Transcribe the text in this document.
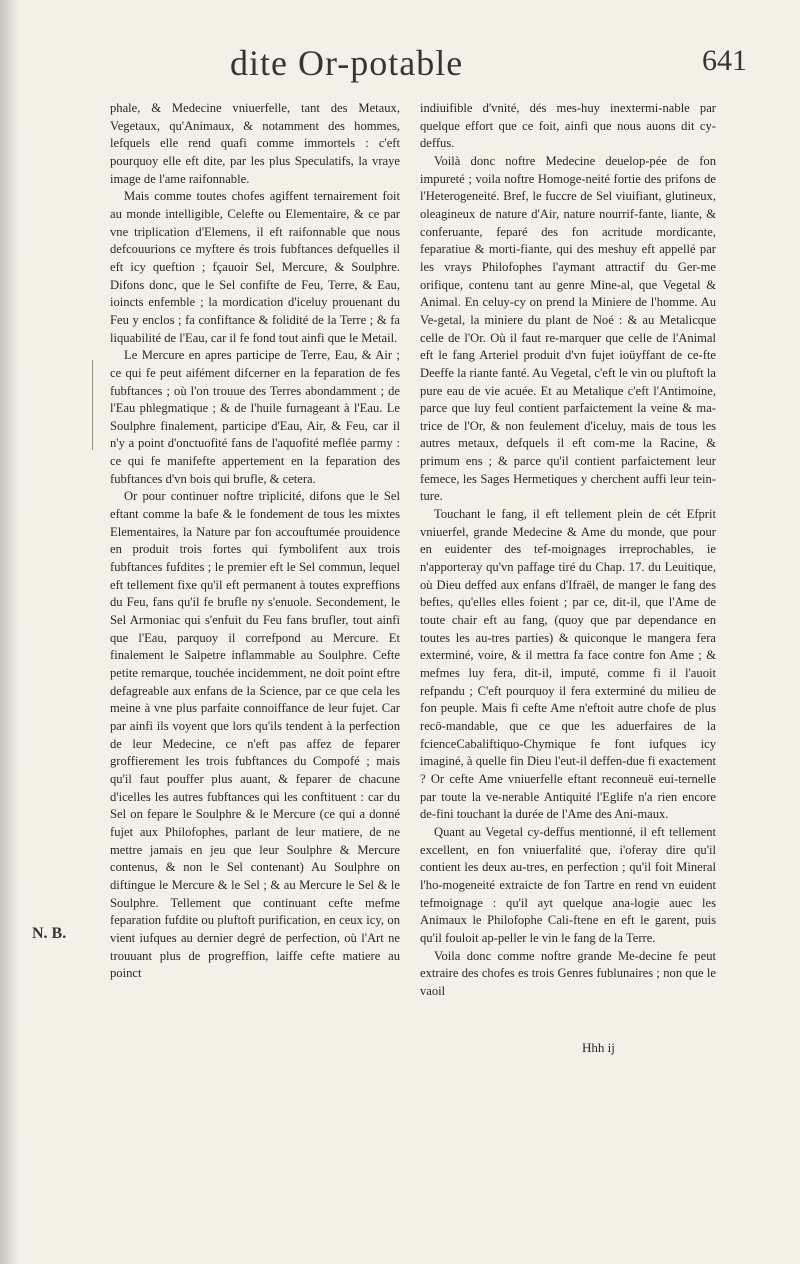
dite Or-potable	641
N. B.

phale, & Medecine vniuerfelle, tant des Metaux, Vegetaux, qu'Animaux, & notamment des hommes, lefquels elle rend quafi comme immortels : c'eft pourquoy elle eft dite, par les plus Speculatifs, la vraye image de l'ame raifonnable.

Mais comme toutes chofes agiffent ternairement foit au monde intelligible, Celefte ou Elementaire, & ce par vne triplication d'Elemens, il eft raifonnable que nous defcouurions ce myftere és trois fubftances defquelles il eft icy queftion ; fçauoir Sel, Mercure, & Soulphre. Difons donc, que le Sel confifte de Feu, Terre, & Eau, ioincts enfemble ; la mordication d'iceluy prouenant du Feu y enclos ; fa confiftance & folidité de la Terre ; & fa liquabilité de l'Eau, car il fe fond tout ainfi que le Metail.

Le Mercure en apres participe de Terre, Eau, & Air ; ce qui fe peut aifément difcerner en la feparation de fes fubftances ; où l'on trouue des Terres abondamment ; de l'Eau phlegmatique ; & de l'huile furnageant à l'Eau. Le Soulphre finalement, participe d'Eau, Air, & Feu, car il n'y a point d'onctuofité fans de l'aquofité meflée parmy : ce qui fe manifefte appertement en la feparation des fubftances d'vn bois qui brufle, & cetera.

Or pour continuer noftre triplicité, difons que le Sel eftant comme la bafe & le fondement de tous les mixtes Elementaires, la Nature par fon accouftumée prouidence en produit trois fortes qui fymbolifent aux trois fubftances fufdites ; le premier eft le Sel commun, lequel eft tellement fixe qu'il eft permanent à toutes expreffions du Feu, fans qu'il fe brufle ny s'enuole. Secondement, le Sel Armoniac qui s'enfuit du Feu fans brufler, tout ainfi que l'Eau, parquoy il correfpond au Mercure. Et finalement le Salpetre inflammable au Soulphre. Cefte petite remarque, touchée incidemment, ne doit point eftre defagreable aux enfans de la Science, par ce que cela les meine à vne plus parfaite connoiffance de leur fujet. Car par ainfi ils voyent que lors qu'ils tendent à la perfection de leur Medecine, ce n'eft pas affez de feparer groffierement les trois fubftances du Compofé ; mais qu'il faut pouffer plus auant, & feparer de chacune d'icelles les autres fubftances qui les conftituent : car du Sel on fepare le Soulphre & le Mercure (ce qui a donné fujet aux Philofophes, parlant de leur matiere, de ne mettre jamais en jeu que leur Soulphre & Mercure contenus, & non le Sel contenant) Au Soulphre on diftingue le Mercure & le Sel ; & au Mercure le Sel & le Soulphre. Tellement que continuant cefte mefme feparation fufdite ou pluftoft purification, en ceux icy, on vient iufques au dernier degré de perfection, où l'Art ne trouuant plus de progreffion, laiffe cefte matiere au poinct

indiuifible d'vnité, dés mes-huy inextermi-nable par quelque effort que ce foit, ainfi que nous auons dit cy-deffus.

Voilà donc noftre Medecine deuelop-pée de fon impureté ; voila noftre Homoge-neité fortie des prifons de l'Heterogeneité. Bref, le fuccre de Sel viuifiant, glutineux, oleagineux de nature d'Air, nature nourrif-fante, liante, & conferuante, feparé des fon acritude mordicante, feparatiue & morti-fiante, qui des meshuy eft appellé par les vrays Philofophes l'aymant attractif du Ger-me orifique, contenu tant au genre Mine-al, que Vegetal & Animal. En celuy-cy on prend la Miniere de l'homme. Au Ve-getal, la miniere du plant de Noé : & au Metalicque celle de l'Or. Où il faut re-marquer que celle de l'Animal eft le fang Arteriel produit d'vn fujet ioüyffant de ce-fte Deeffe la riante fanté. Au Vegetal, c'eft le vin ou pluftoft la pure eau de vie acuée. Et au Metalique c'eft l'Antimoine, parce que luy feul contient parfaictement la veine & ma-trice de l'Or, & non feulement d'iceluy, mais de tous les autres metaux, defquels il eft com-me la Racine, & primum ens ; & parce qu'il contient parfaictement leur femece, les Sages Hermetiques y cherchent auffi leur tein-ture.

Touchant le fang, il eft tellement plein de cét Efprit vniuerfel, grande Medecine & Ame du monde, que pour en euidenter des tef-moignages irreprochables, ie n'apporteray qu'vn paffage tiré du Chap. 17. du Leuitique, où Dieu deffed aux enfans d'Ifraël, de manger le fang des beftes, qu'elles elles foient ; par ce, dit-il, que l'Ame de toute chair eft au fang, (quoy que par dependance en toutes les au-tres parties) & quiconque le mangera fera exterminé, voire, & il mettra fa face contre fon Ame ; & mefmes luy fera, dit-il, imputé, comme fi il l'auoit refpandu ; C'eft pourquoy il fera exterminé du milieu de fon peuple. Mais fi cefte Ame n'eftoit autre chofe de plus recō-mandable, que ce que les aduerfaires de la fcienceCabaliftiquo-Chymique fe font iufques icy imaginé, à quelle fin Dieu l'eut-il deffen-due fi exactement ? Or cefte Ame vniuerfelle eftant reconneuë eui-ternelle par toute la ve-nerable Antiquité l'Eglife n'a rien encore de-fini touchant la durée de l'Ame des Ani-maux.

Quant au Vegetal cy-deffus mentionné, il eft tellement excellent, en fon vniuerfalité que, i'oferay dire qu'il contient les deux au-tres, en perfection ; qu'il foit Mineral l'ho-mogeneité extraicte de fon Tartre en rend vn euident tefmoignage : qu'il ayt quelque ana-logie auec les Animaux le Philofophe Cali-ftene en eft le garent, puis qu'il fouloit ap-peller le vin le fang de la Terre.

Voila donc comme noftre grande Me-decine fe peut extraire des chofes es trois Genres fublunaires ; non que le vaoil

Hhh ij
